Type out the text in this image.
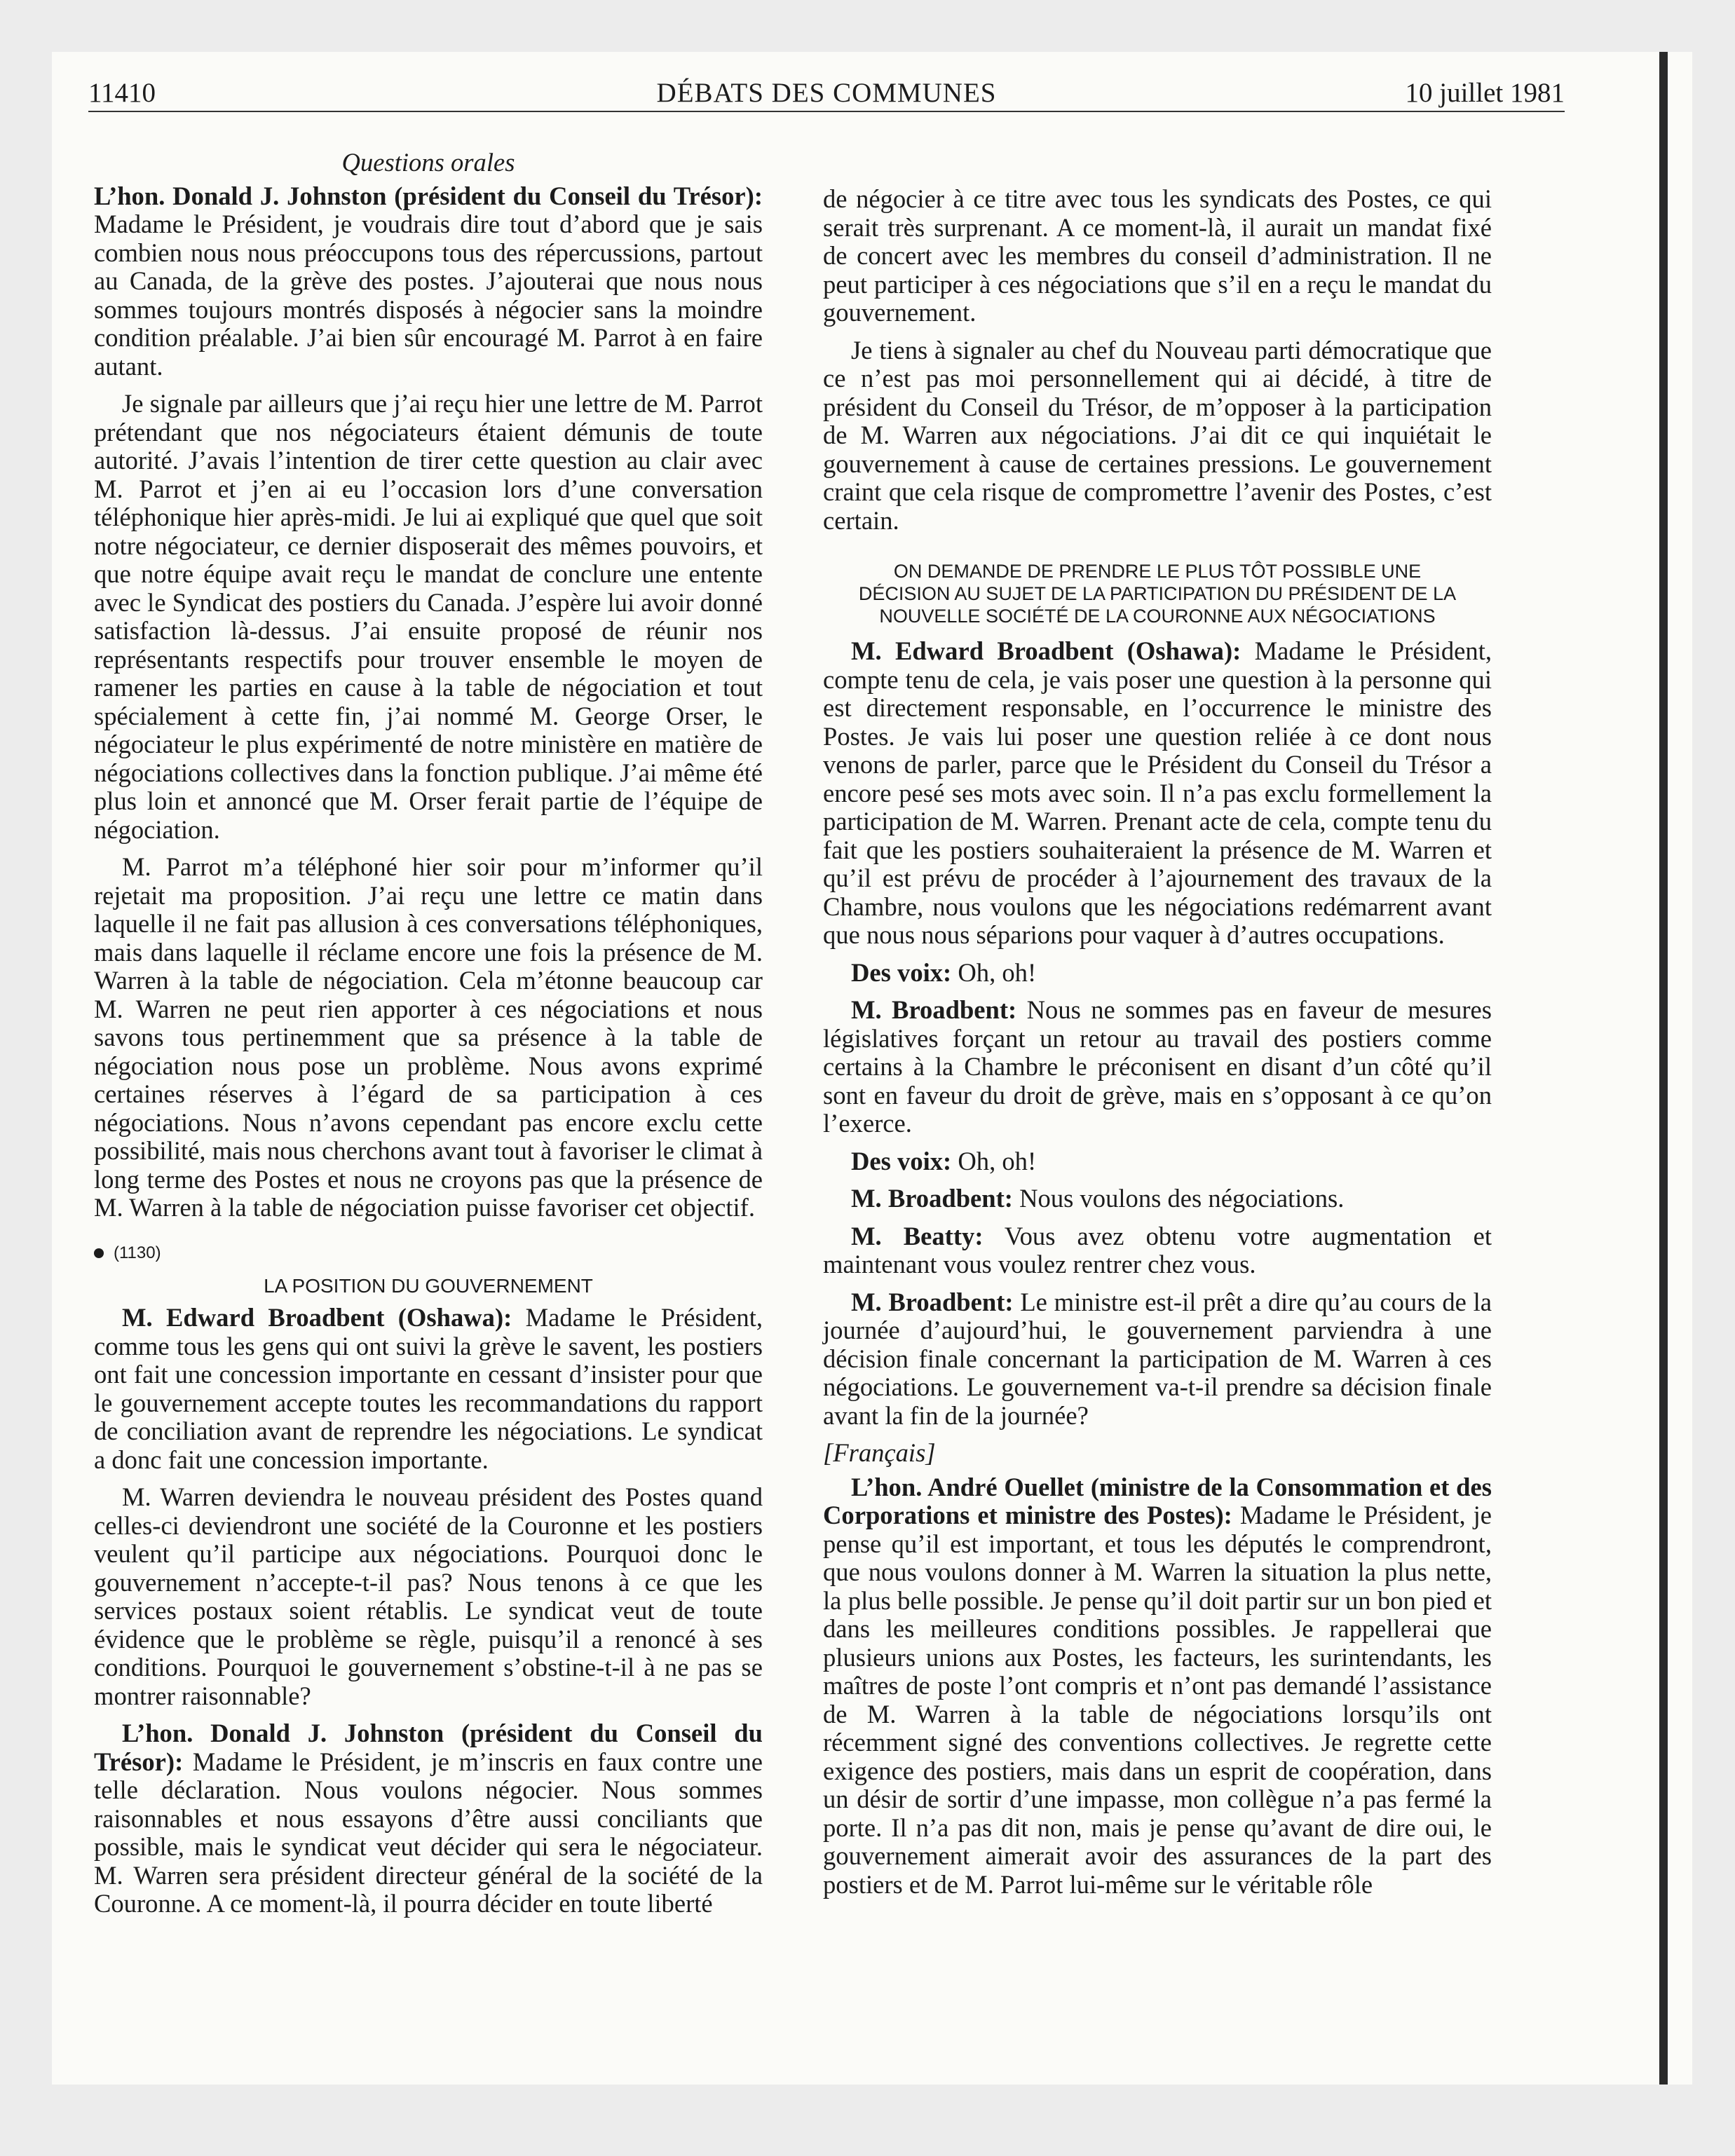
11410	DÉBATS DES COMMUNES	10 juillet 1981
Questions orales

L’hon. Donald J. Johnston (président du Conseil du Trésor): Madame le Président, je voudrais dire tout d’abord que je sais combien nous nous préoccupons tous des répercussions, partout au Canada, de la grève des postes. J’ajouterai que nous nous sommes toujours montrés disposés à négocier sans la moindre condition préalable. J’ai bien sûr encouragé M. Parrot à en faire autant.

Je signale par ailleurs que j’ai reçu hier une lettre de M. Parrot prétendant que nos négociateurs étaient démunis de toute autorité. J’avais l’intention de tirer cette question au clair avec M. Parrot et j’en ai eu l’occasion lors d’une conversation téléphonique hier après-midi. Je lui ai expliqué que quel que soit notre négociateur, ce dernier disposerait des mêmes pouvoirs, et que notre équipe avait reçu le mandat de conclure une entente avec le Syndicat des postiers du Canada. J’espère lui avoir donné satisfaction là-dessus. J’ai ensuite proposé de réunir nos représentants respectifs pour trouver ensemble le moyen de ramener les parties en cause à la table de négociation et tout spécialement à cette fin, j’ai nommé M. George Orser, le négociateur le plus expérimenté de notre ministère en matière de négociations collectives dans la fonction publique. J’ai même été plus loin et annoncé que M. Orser ferait partie de l’équipe de négociation.

M. Parrot m’a téléphoné hier soir pour m’informer qu’il rejetait ma proposition. J’ai reçu une lettre ce matin dans laquelle il ne fait pas allusion à ces conversations téléphoniques, mais dans laquelle il réclame encore une fois la présence de M. Warren à la table de négociation. Cela m’étonne beaucoup car M. Warren ne peut rien apporter à ces négociations et nous savons tous pertinemment que sa présence à la table de négociation nous pose un problème. Nous avons exprimé certaines réserves à l’égard de sa participation à ces négociations. Nous n’avons cependant pas encore exclu cette possibilité, mais nous cherchons avant tout à favoriser le climat à long terme des Postes et nous ne croyons pas que la présence de M. Warren à la table de négociation puisse favoriser cet objectif.

(1130)
LA POSITION DU GOUVERNEMENT

M. Edward Broadbent (Oshawa): Madame le Président, comme tous les gens qui ont suivi la grève le savent, les postiers ont fait une concession importante en cessant d’insister pour que le gouvernement accepte toutes les recommandations du rapport de conciliation avant de reprendre les négociations. Le syndicat a donc fait une concession importante.

M. Warren deviendra le nouveau président des Postes quand celles-ci deviendront une société de la Couronne et les postiers veulent qu’il participe aux négociations. Pourquoi donc le gouvernement n’accepte-t-il pas? Nous tenons à ce que les services postaux soient rétablis. Le syndicat veut de toute évidence que le problème se règle, puisqu’il a renoncé à ses conditions. Pourquoi le gouvernement s’obstine-t-il à ne pas se montrer raisonnable?

L’hon. Donald J. Johnston (président du Conseil du Trésor): Madame le Président, je m’inscris en faux contre une telle déclaration. Nous voulons négocier. Nous sommes raisonnables et nous essayons d’être aussi conciliants que possible, mais le syndicat veut décider qui sera le négociateur. M. Warren sera président directeur général de la société de la Couronne. A ce moment-là, il pourra décider en toute liberté

de négocier à ce titre avec tous les syndicats des Postes, ce qui serait très surprenant. A ce moment-là, il aurait un mandat fixé de concert avec les membres du conseil d’administration. Il ne peut participer à ces négociations que s’il en a reçu le mandat du gouvernement.

Je tiens à signaler au chef du Nouveau parti démocratique que ce n’est pas moi personnellement qui ai décidé, à titre de président du Conseil du Trésor, de m’opposer à la participation de M. Warren aux négociations. J’ai dit ce qui inquiétait le gouvernement à cause de certaines pressions. Le gouvernement craint que cela risque de compromettre l’avenir des Postes, c’est certain.

ON DEMANDE DE PRENDRE LE PLUS TÔT POSSIBLE UNE
DÉCISION AU SUJET DE LA PARTICIPATION DU PRÉSIDENT DE LA
NOUVELLE SOCIÉTÉ DE LA COURONNE AUX NÉGOCIATIONS

M. Edward Broadbent (Oshawa): Madame le Président, compte tenu de cela, je vais poser une question à la personne qui est directement responsable, en l’occurrence le ministre des Postes. Je vais lui poser une question reliée à ce dont nous venons de parler, parce que le Président du Conseil du Trésor a encore pesé ses mots avec soin. Il n’a pas exclu formellement la participation de M. Warren. Prenant acte de cela, compte tenu du fait que les postiers souhaiteraient la présence de M. Warren et qu’il est prévu de procéder à l’ajournement des travaux de la Chambre, nous voulons que les négociations redémarrent avant que nous nous séparions pour vaquer à d’autres occupations.

Des voix: Oh, oh!

M. Broadbent: Nous ne sommes pas en faveur de mesures législatives forçant un retour au travail des postiers comme certains à la Chambre le préconisent en disant d’un côté qu’il sont en faveur du droit de grève, mais en s’opposant à ce qu’on l’exerce.

Des voix: Oh, oh!

M. Broadbent: Nous voulons des négociations.

M. Beatty: Vous avez obtenu votre augmentation et maintenant vous voulez rentrer chez vous.

M. Broadbent: Le ministre est-il prêt a dire qu’au cours de la journée d’aujourd’hui, le gouvernement parviendra à une décision finale concernant la participation de M. Warren à ces négociations. Le gouvernement va-t-il prendre sa décision finale avant la fin de la journée?

[Français]

L’hon. André Ouellet (ministre de la Consommation et des Corporations et ministre des Postes): Madame le Président, je pense qu’il est important, et tous les députés le comprendront, que nous voulons donner à M. Warren la situation la plus nette, la plus belle possible. Je pense qu’il doit partir sur un bon pied et dans les meilleures conditions possibles. Je rappellerai que plusieurs unions aux Postes, les facteurs, les surintendants, les maîtres de poste l’ont compris et n’ont pas demandé l’assistance de M. Warren à la table de négociations lorsqu’ils ont récemment signé des conventions collectives. Je regrette cette exigence des postiers, mais dans un esprit de coopération, dans un désir de sortir d’une impasse, mon collègue n’a pas fermé la porte. Il n’a pas dit non, mais je pense qu’avant de dire oui, le gouvernement aimerait avoir des assurances de la part des postiers et de M. Parrot lui-même sur le véritable rôle
